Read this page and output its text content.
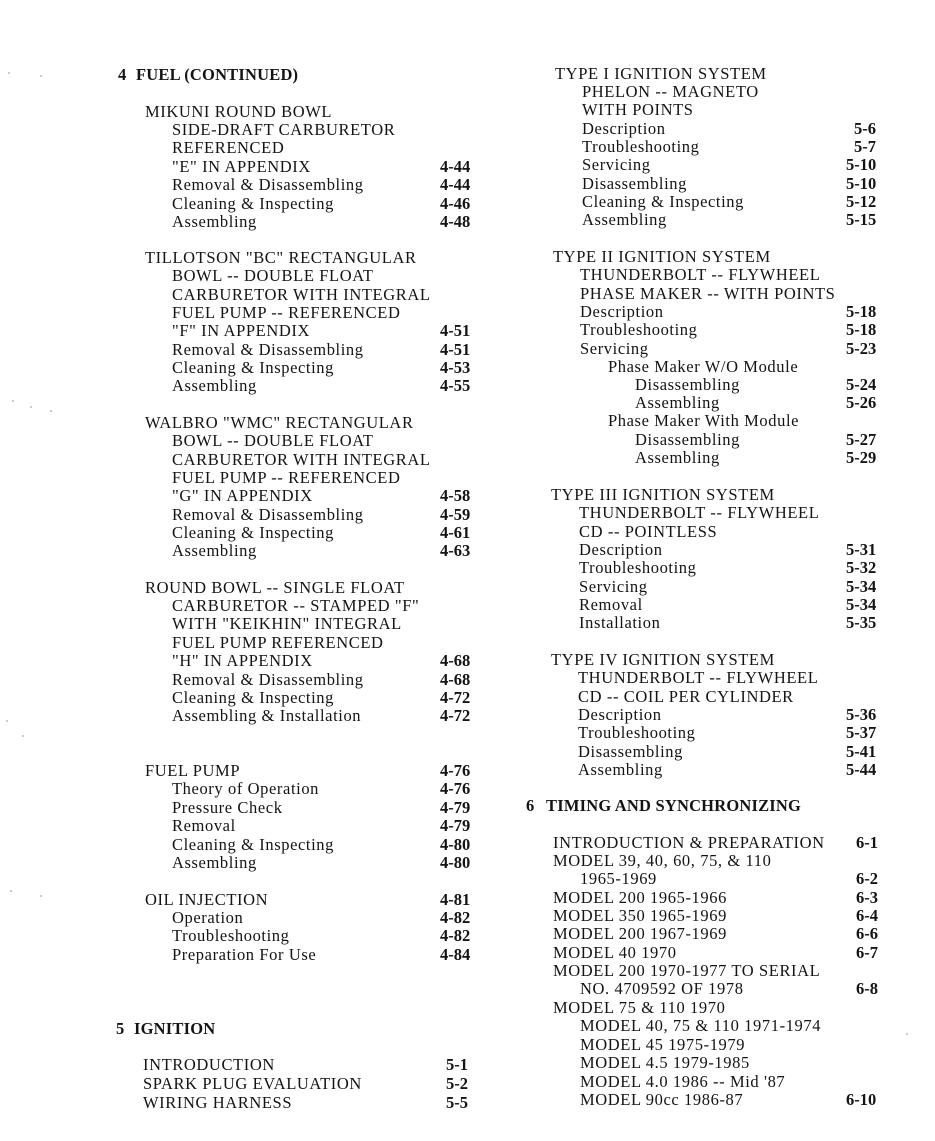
4 FUEL (CONTINUED)
MIKUNI ROUND BOWL
SIDE-DRAFT CARBURETOR
REFERENCED
"E" IN APPENDIX	4-44
Removal & Disassembling	4-44
Cleaning & Inspecting	4-46
Assembling	4-48
TILLOTSON "BC" RECTANGULAR
BOWL -- DOUBLE FLOAT
CARBURETOR WITH INTEGRAL
FUEL PUMP -- REFERENCED
"F" IN APPENDIX	4-51
Removal & Disassembling	4-51
Cleaning & Inspecting	4-53
Assembling	4-55
WALBRO "WMC" RECTANGULAR
BOWL -- DOUBLE FLOAT
CARBURETOR WITH INTEGRAL
FUEL PUMP -- REFERENCED
"G" IN APPENDIX	4-58
Removal & Disassembling	4-59
Cleaning & Inspecting	4-61
Assembling	4-63
ROUND BOWL -- SINGLE FLOAT
CARBURETOR -- STAMPED "F"
WITH "KEIKHIN" INTEGRAL
FUEL PUMP REFERENCED
"H" IN APPENDIX	4-68
Removal & Disassembling	4-68
Cleaning & Inspecting	4-72
Assembling & Installation	4-72
FUEL PUMP	4-76
Theory of Operation	4-76
Pressure Check	4-79
Removal	4-79
Cleaning & Inspecting	4-80
Assembling	4-80
OIL INJECTION	4-81
Operation	4-82
Troubleshooting	4-82
Preparation For Use	4-84
5 IGNITION
INTRODUCTION	5-1
SPARK PLUG EVALUATION	5-2
WIRING HARNESS	5-5
TYPE I IGNITION SYSTEM
PHELON -- MAGNETO
WITH POINTS
Description	5-6
Troubleshooting	5-7
Servicing	5-10
Disassembling	5-10
Cleaning & Inspecting	5-12
Assembling	5-15
TYPE II IGNITION SYSTEM
THUNDERBOLT -- FLYWHEEL
PHASE MAKER -- WITH POINTS
Description	5-18
Troubleshooting	5-18
Servicing	5-23
Phase Maker W/O Module
Disassembling	5-24
Assembling	5-26
Phase Maker With Module
Disassembling	5-27
Assembling	5-29
TYPE III IGNITION SYSTEM
THUNDERBOLT -- FLYWHEEL
CD -- POINTLESS
Description	5-31
Troubleshooting	5-32
Servicing	5-34
Removal	5-34
Installation	5-35
TYPE IV IGNITION SYSTEM
THUNDERBOLT -- FLYWHEEL
CD -- COIL PER CYLINDER
Description	5-36
Troubleshooting	5-37
Disassembling	5-41
Assembling	5-44
6 TIMING AND SYNCHRONIZING
INTRODUCTION & PREPARATION 6-1
MODEL 39, 40, 60, 75, & 110
1965-1969	6-2
MODEL 200 1965-1966	6-3
MODEL 350 1965-1969	6-4
MODEL 200 1967-1969	6-6
MODEL 40 1970	6-7
MODEL 200 1970-1977 TO SERIAL
NO. 4709592 OF 1978	6-8
MODEL 75 & 110 1970
MODEL 40, 75 & 110 1971-1974
MODEL 45 1975-1979
MODEL 4.5 1979-1985
MODEL 4.0 1986 -- Mid '87
MODEL 90cc 1986-87	6-10
